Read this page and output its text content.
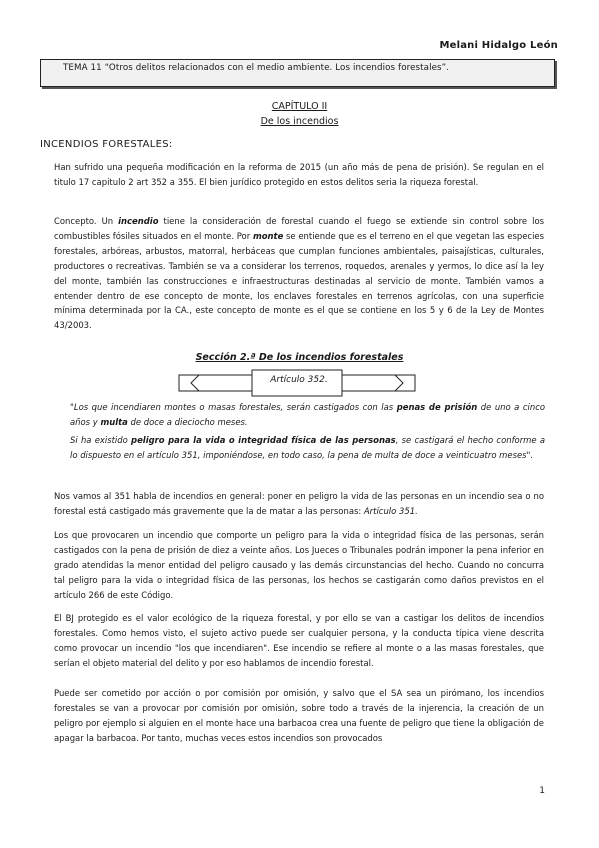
Melani Hidalgo León
TEMA 11 “Otros delitos relacionados con el medio ambiente. Los incendios forestales”.
CAPÍTULO II
De los incendios
INCENDIOS FORESTALES:

Han sufrido una pequeña modificación en la reforma de 2015 (un año más de pena de prisión). Se regulan en el titulo 17 capitulo 2 art 352 a 355. El bien jurídico protegido en estos delitos seria la riqueza forestal.

Concepto. Un incendio tiene la consideración de forestal cuando el fuego se extiende sin control sobre los combustibles fósiles situados en el monte. Por monte se entiende que es el terreno en el que vegetan las especies forestales, arbóreas, arbustos, matorral, herbáceas que cumplan funciones ambientales, paisajísticas, culturales, productores o recreativas. También se va a considerar los terrenos, roquedos, arenales y yermos, lo dice así la ley del monte, también las construcciones e infraestructuras destinadas al servicio de monte. También vamos a entender dentro de ese concepto de monte, los enclaves forestales en terrenos agrícolas, con una superficie mínima determinada por la CA., este concepto de monte es el que se contiene en los 5 y 6 de la Ley de Montes 43/2003.

Sección 2.ª De los incendios forestales
Artículo 352.

"Los que incendiaren montes o masas forestales, serán castigados con las penas de prisión de uno a cinco años y multa de doce a dieciocho meses.

Si ha existido peligro para la vida o integridad física de las personas, se castigará el hecho conforme a lo dispuesto en el artículo 351, imponiéndose, en todo caso, la pena de multa de doce a veinticuatro meses".

Nos vamos al 351 habla de incendios en general: poner en peligro la vida de las personas en un incendio sea o no forestal está castigado más gravemente que la de matar a las personas: Artículo 351.

Los que provocaren un incendio que comporte un peligro para la vida o integridad física de las personas, serán castigados con la pena de prisión de diez a veinte años. Los Jueces o Tribunales podrán imponer la pena inferior en grado atendidas la menor entidad del peligro causado y las demás circunstancias del hecho. Cuando no concurra tal peligro para la vida o integridad física de las personas, los hechos se castigarán como daños previstos en el artículo 266 de este Código.

El BJ protegido es el valor ecológico de la riqueza forestal, y por ello se van a castigar los delitos de incendios forestales. Como hemos visto, el sujeto activo puede ser cualquier persona, y la conducta típica viene descrita como provocar un incendio "los que incendiaren". Ese incendio se refiere al monte o a las masas forestales, que serían el objeto material del delito y por eso hablamos de incendio forestal.

Puede ser cometido por acción o por comisión por omisión, y salvo que el SA sea un pirómano, los incendios forestales se van a provocar por comisión por omisión, sobre todo a través de la injerencia, la creación de un peligro por ejemplo si alguien en el monte hace una barbacoa crea una fuente de peligro que tiene la obligación de apagar la barbacoa. Por tanto, muchas veces estos incendios son provocados

1
